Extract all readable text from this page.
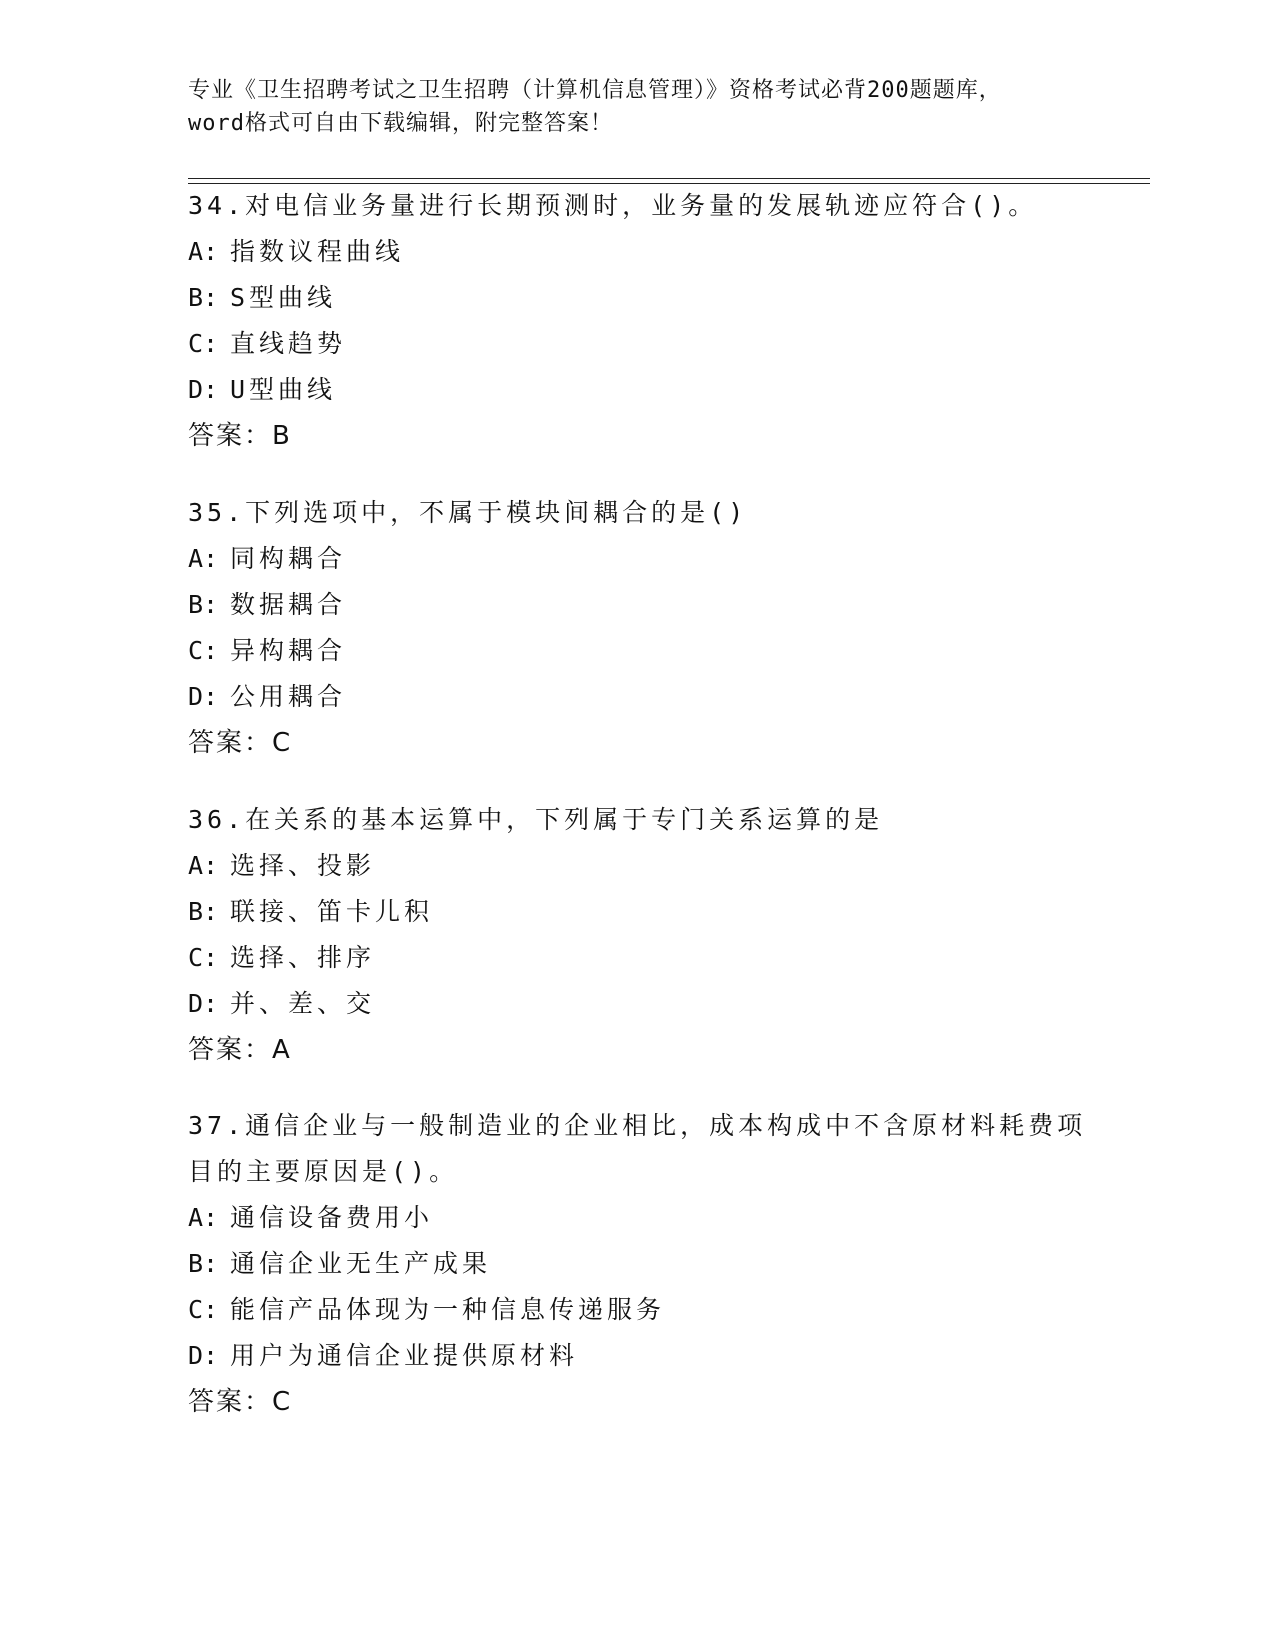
专业《卫生招聘考试之卫生招聘（计算机信息管理）》资格考试必背200题题库，
word格式可自由下载编辑，附完整答案！
34.对电信业务量进行长期预测时，业务量的发展轨迹应符合()。
A: 指数议程曲线
B: S型曲线
C: 直线趋势
D: U型曲线
答案：B
35.下列选项中，不属于模块间耦合的是()
A: 同构耦合
B: 数据耦合
C: 异构耦合
D: 公用耦合
答案：C
36.在关系的基本运算中，下列属于专门关系运算的是
A: 选择、投影
B: 联接、笛卡儿积
C: 选择、排序
D: 并、差、交
答案：A
37.通信企业与一般制造业的企业相比，成本构成中不含原材料耗费项
目的主要原因是()。
A: 通信设备费用小
B: 通信企业无生产成果
C: 能信产品体现为一种信息传递服务
D: 用户为通信企业提供原材料
答案：C
